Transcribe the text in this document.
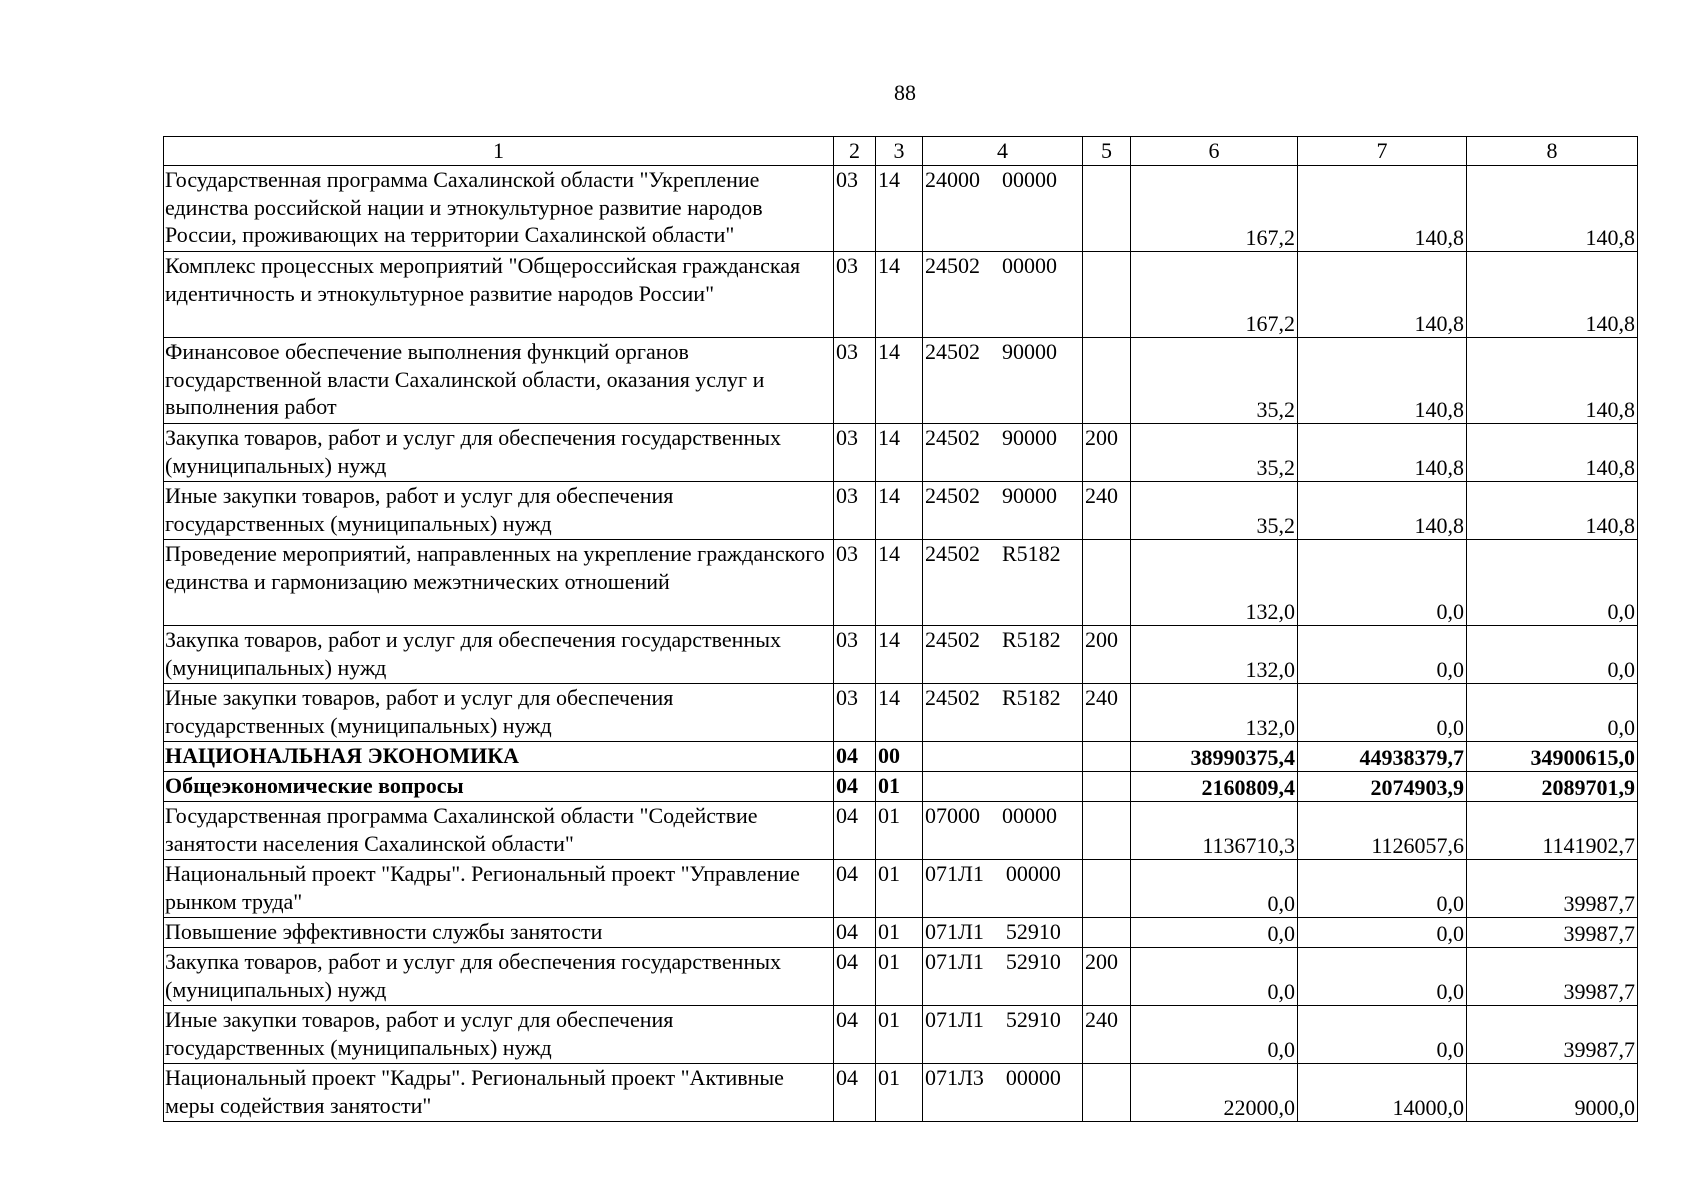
88
1	2	3	4	5	6	7	8
Государственная программа Сахалинской области "Укрепление единства российской нации и этнокультурное развитие народов России, проживающих на территории Сахалинской области"	03	14	24000 00000		167,2	140,8	140,8
Комплекс процессных мероприятий "Общероссийская гражданская идентичность и этнокультурное развитие народов России"	03	14	24502 00000		167,2	140,8	140,8
Финансовое обеспечение выполнения функций органов государственной власти Сахалинской области, оказания услуг и выполнения работ	03	14	24502 90000		35,2	140,8	140,8
Закупка товаров, работ и услуг для обеспечения государственных (муниципальных) нужд	03	14	24502 90000	200	35,2	140,8	140,8
Иные закупки товаров, работ и услуг для обеспечения государственных (муниципальных) нужд	03	14	24502 90000	240	35,2	140,8	140,8
Проведение мероприятий, направленных на укрепление гражданского единства и гармонизацию межэтнических отношений	03	14	24502 R5182		132,0	0,0	0,0
Закупка товаров, работ и услуг для обеспечения государственных (муниципальных) нужд	03	14	24502 R5182	200	132,0	0,0	0,0
Иные закупки товаров, работ и услуг для обеспечения государственных (муниципальных) нужд	03	14	24502 R5182	240	132,0	0,0	0,0
НАЦИОНАЛЬНАЯ ЭКОНОМИКА	04	00			38990375,4	44938379,7	34900615,0
Общеэкономические вопросы	04	01			2160809,4	2074903,9	2089701,9
Государственная программа Сахалинской области "Содействие занятости населения Сахалинской области"	04	01	07000 00000		1136710,3	1126057,6	1141902,7
Национальный проект "Кадры". Региональный проект "Управление рынком труда"	04	01	071Л1 00000		0,0	0,0	39987,7
Повышение эффективности службы занятости	04	01	071Л1 52910		0,0	0,0	39987,7
Закупка товаров, работ и услуг для обеспечения государственных (муниципальных) нужд	04	01	071Л1 52910	200	0,0	0,0	39987,7
Иные закупки товаров, работ и услуг для обеспечения государственных (муниципальных) нужд	04	01	071Л1 52910	240	0,0	0,0	39987,7
Национальный проект "Кадры". Региональный проект "Активные меры содействия занятости"	04	01	071Л3 00000		22000,0	14000,0	9000,0
